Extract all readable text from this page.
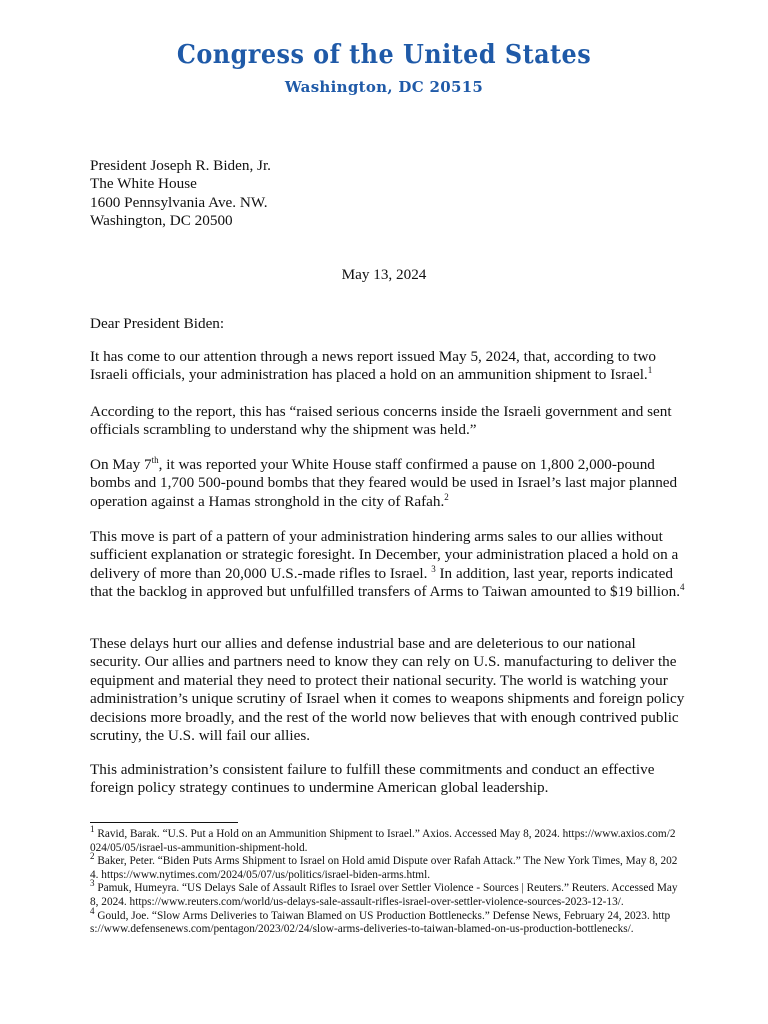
Congress of the United States
Washington, DC 20515
President Joseph R. Biden, Jr.
The White House
1600 Pennsylvania Ave. NW.
Washington, DC 20500
May 13, 2024
Dear President Biden:

It has come to our attention through a news report issued May 5, 2024, that, according to two Israeli officials, your administration has placed a hold on an ammunition shipment to Israel.$^1$

According to the report, this has “raised serious concerns inside the Israeli government and sent officials scrambling to understand why the shipment was held.”

On May 7th, it was reported your White House staff confirmed a pause on 1,800 2,000-pound bombs and 1,700 500-pound bombs that they feared would be used in Israel’s last major planned operation against a Hamas stronghold in the city of Rafah.$^2$

This move is part of a pattern of your administration hindering arms sales to our allies without sufficient explanation or strategic foresight. In December, your administration placed a hold on a delivery of more than 20,000 U.S.-made rifles to Israel. $^3$ In addition, last year, reports indicated that the backlog in approved but unfulfilled transfers of Arms to Taiwan amounted to $19 billion.$^4$

These delays hurt our allies and defense industrial base and are deleterious to our national security. Our allies and partners need to know they can rely on U.S. manufacturing to deliver the equipment and material they need to protect their national security. The world is watching your administration’s unique scrutiny of Israel when it comes to weapons shipments and foreign policy decisions more broadly, and the rest of the world now believes that with enough contrived public scrutiny, the U.S. will fail our allies.

This administration’s consistent failure to fulfill these commitments and conduct an effective foreign policy strategy continues to undermine American global leadership.

$^1$ Ravid, Barak. “U.S. Put a Hold on an Ammunition Shipment to Israel.” Axios. Accessed May 8, 2024. https://www.axios.com/2024/05/05/israel-us-ammunition-shipment-hold.

$^2$ Baker, Peter. “Biden Puts Arms Shipment to Israel on Hold amid Dispute over Rafah Attack.” The New York Times, May 8, 2024. https://www.nytimes.com/2024/05/07/us/politics/israel-biden-arms.html.

$^3$ Pamuk, Humeyra. “US Delays Sale of Assault Rifles to Israel over Settler Violence - Sources | Reuters.” Reuters. Accessed May 8, 2024. https://www.reuters.com/world/us-delays-sale-assault-rifles-israel-over-settler-violence-sources-2023-12-13/.

$^4$ Gould, Joe. “Slow Arms Deliveries to Taiwan Blamed on US Production Bottlenecks.” Defense News, February 24, 2023. https://www.defensenews.com/pentagon/2023/02/24/slow-arms-deliveries-to-taiwan-blamed-on-us-production-bottlenecks/.
